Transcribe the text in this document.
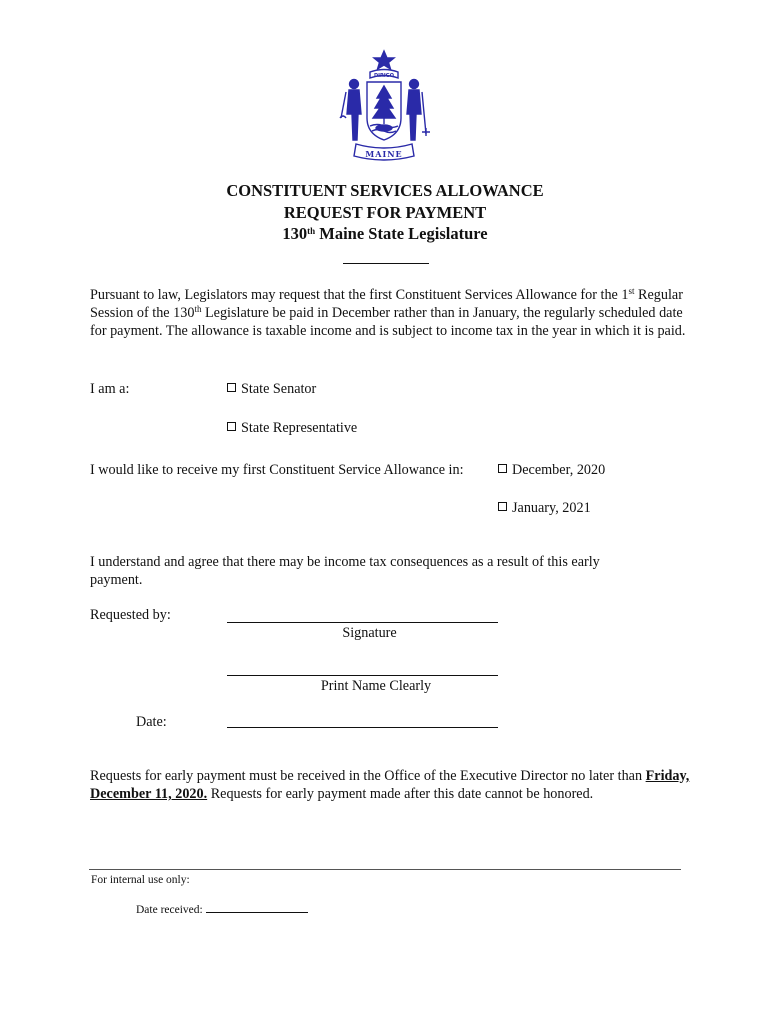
DIRIGO
MAINE
CONSTITUENT SERVICES ALLOWANCE
REQUEST FOR PAYMENT
130th Maine State Legislature
Pursuant to law, Legislators may request that the first Constituent Services Allowance for the 1st Regular Session of the 130th Legislature be paid in December rather than in January, the regularly scheduled date for payment. The allowance is taxable income and is subject to income tax in the year in which it is paid.
I am a:	State Senator
State Representative
I would like to receive my first Constituent Service Allowance in:	December, 2020
January, 2021
I understand and agree that there may be income tax consequences as a result of this early payment.
Requested by:
Signature
Print Name Clearly
Date:
Requests for early payment must be received in the Office of the Executive Director no later than Friday, December 11, 2020. Requests for early payment made after this date cannot be honored.
For internal use only:
Date received:
